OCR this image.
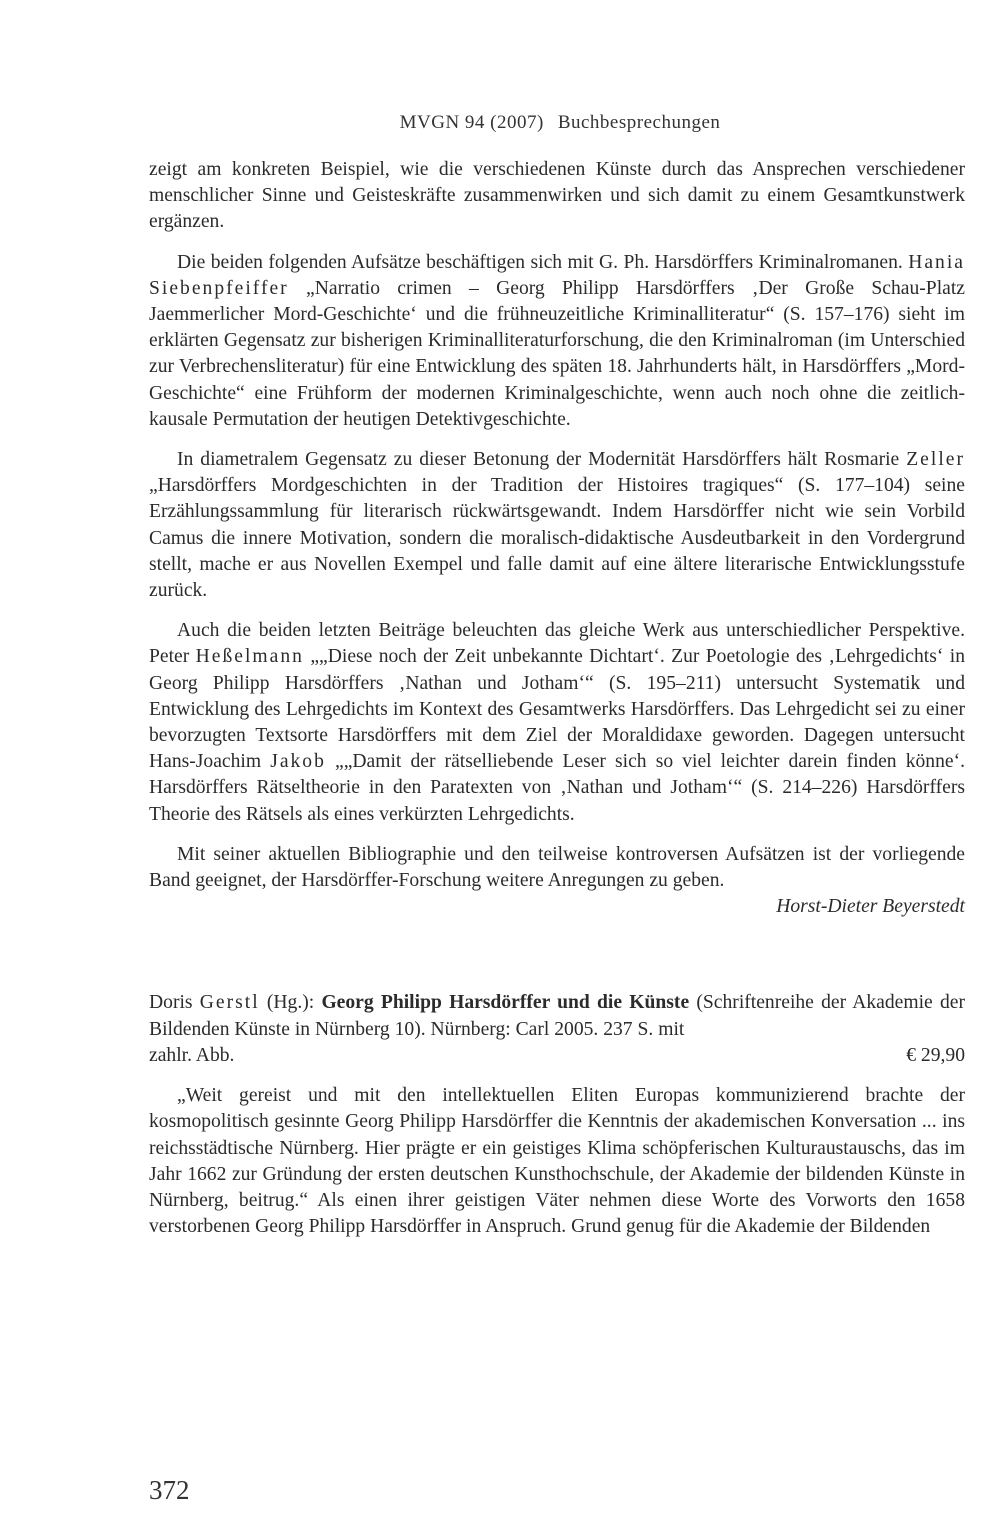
MVGN 94 (2007) Buchbesprechungen

zeigt am konkreten Beispiel, wie die verschiedenen Künste durch das Ansprechen verschiedener menschlicher Sinne und Geisteskräfte zusammenwirken und sich damit zu einem Gesamtkunstwerk ergänzen.

Die beiden folgenden Aufsätze beschäftigen sich mit G. Ph. Harsdörffers Kriminalromanen. Hania Siebenpfeiffer „Narratio crimen – Georg Philipp Harsdörffers ‚Der Große Schau-Platz Jaemmerlicher Mord-Geschichte‘ und die frühneuzeitliche Kriminalliteratur“ (S. 157–176) sieht im erklärten Gegensatz zur bisherigen Kriminalliteraturforschung, die den Kriminalroman (im Unterschied zur Verbrechensliteratur) für eine Entwicklung des späten 18. Jahrhunderts hält, in Harsdörffers „Mord-Geschichte“ eine Frühform der modernen Kriminalgeschichte, wenn auch noch ohne die zeitlich-kausale Permutation der heutigen Detektivgeschichte.

In diametralem Gegensatz zu dieser Betonung der Modernität Harsdörffers hält Rosmarie Zeller „Harsdörffers Mordgeschichten in der Tradition der Histoires tragiques“ (S. 177–104) seine Erzählungssammlung für literarisch rückwärtsgewandt. Indem Harsdörffer nicht wie sein Vorbild Camus die innere Motivation, sondern die moralisch-didaktische Ausdeutbarkeit in den Vordergrund stellt, mache er aus Novellen Exempel und falle damit auf eine ältere literarische Entwicklungsstufe zurück.

Auch die beiden letzten Beiträge beleuchten das gleiche Werk aus unterschiedlicher Perspektive. Peter Heßelmann „„Diese noch der Zeit unbekannte Dichtart‘. Zur Poetologie des ‚Lehrgedichts‘ in Georg Philipp Harsdörffers ‚Nathan und Jotham‘“ (S. 195–211) untersucht Systematik und Entwicklung des Lehrgedichts im Kontext des Gesamtwerks Harsdörffers. Das Lehrgedicht sei zu einer bevorzugten Textsorte Harsdörffers mit dem Ziel der Moraldidaxe geworden. Dagegen untersucht Hans-Joachim Jakob „„Damit der rätselliebende Leser sich so viel leichter darein finden könne‘. Harsdörffers Rätseltheorie in den Paratexten von ‚Nathan und Jotham‘“ (S. 214–226) Harsdörffers Theorie des Rätsels als eines verkürzten Lehrgedichts.

Mit seiner aktuellen Bibliographie und den teilweise kontroversen Aufsätzen ist der vorliegende Band geeignet, der Harsdörffer-Forschung weitere Anregungen zu geben.

Horst-Dieter Beyerstedt

Doris Gerstl (Hg.): Georg Philipp Harsdörffer und die Künste (Schriftenreihe der Akademie der Bildenden Künste in Nürnberg 10). Nürnberg: Carl 2005. 237 S. mit

zahlr. Abb.	€ 29,90

„Weit gereist und mit den intellektuellen Eliten Europas kommunizierend brachte der kosmopolitisch gesinnte Georg Philipp Harsdörffer die Kenntnis der akademischen Konversation ... ins reichsstädtische Nürnberg. Hier prägte er ein geistiges Klima schöpferischen Kulturaustauschs, das im Jahr 1662 zur Gründung der ersten deutschen Kunsthochschule, der Akademie der bildenden Künste in Nürnberg, beitrug.“ Als einen ihrer geistigen Väter nehmen diese Worte des Vorworts den 1658 verstorbenen Georg Philipp Harsdörffer in Anspruch. Grund genug für die Akademie der Bildenden

372
